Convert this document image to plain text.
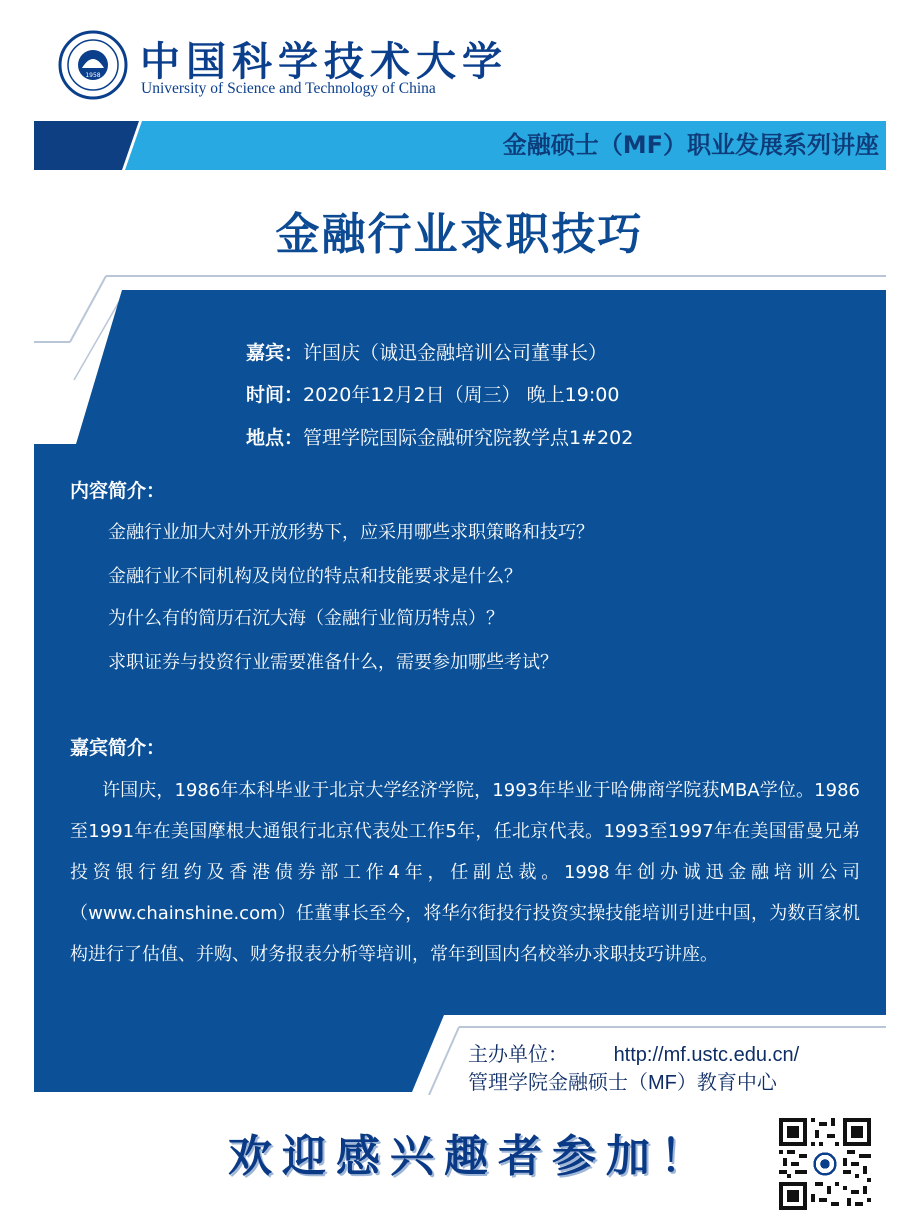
1958 中国科学技术大学
University of Science and Technology of China
金融硕士（MF）职业发展系列讲座
金融行业求职技巧
嘉宾：许国庆（诚迅金融培训公司董事长）
时间：2020年12月2日（周三） 晚上19:00
地点：管理学院国际金融研究院教学点1#202
内容简介：
金融行业加大对外开放形势下，应采用哪些求职策略和技巧？
金融行业不同机构及岗位的特点和技能要求是什么？
为什么有的简历石沉大海（金融行业简历特点）？
求职证券与投资行业需要准备什么，需要参加哪些考试？
嘉宾简介：
许国庆，1986年本科毕业于北京大学经济学院，1993年毕业于哈佛商学院获MBA学位。1986至1991年在美国摩根大通银行北京代表处工作5年，任北京代表。1993至1997年在美国雷曼兄弟投资银行纽约及香港债券部工作4年，任副总裁。1998年创办诚迅金融培训公司（www.chainshine.com）任董事长至今，将华尔街投行投资实操技能培训引进中国，为数百家机构进行了估值、并购、财务报表分析等培训，常年到国内名校举办求职技巧讲座。
主办单位： http://mf.ustc.edu.cn/
管理学院金融硕士（MF）教育中心
欢迎感兴趣者参加！
